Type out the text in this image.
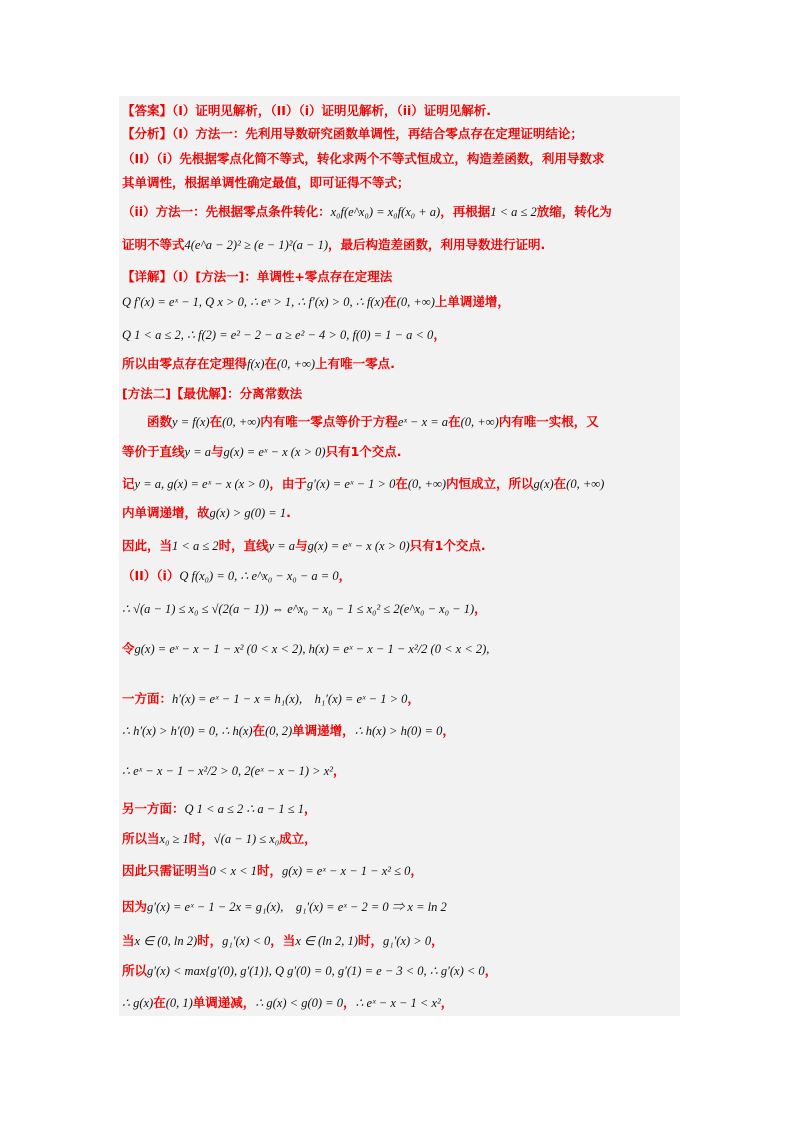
【答案】（I）证明见解析，（II）（i）证明见解析，（ii）证明见解析.
【分析】（I）方法一：先利用导数研究函数单调性，再结合零点存在定理证明结论；
（II）（i）先根据零点化简不等式，转化求两个不等式恒成立，构造差函数，利用导数求
其单调性，根据单调性确定最值，即可证得不等式；
（ii）方法一：先根据零点条件转化：x₀f(e^x₀) = x₀f(x₀ + a)，再根据1 < a ≤ 2放缩，转化为
证明不等式4(e^a − 2)² ≥ (e − 1)²(a − 1)，最后构造差函数，利用导数进行证明.
【详解】（I）[方法一]：单调性+零点存在定理法
Q f′(x) = eˣ − 1, Q x > 0, ∴ eˣ > 1, ∴ f′(x) > 0, ∴ f(x)在(0, +∞)上单调递增，
Q 1 < a ≤ 2, ∴ f(2) = e² − 2 − a ≥ e² − 4 > 0, f(0) = 1 − a < 0，
所以由零点存在定理得f(x)在(0, +∞)上有唯一零点.
[方法二]【最优解】：分离常数法
　　函数y = f(x)在(0, +∞)内有唯一零点等价于方程eˣ − x = a在(0, +∞)内有唯一实根，又
等价于直线y = a与g(x) = eˣ − x (x > 0)只有1个交点.
记y = a, g(x) = eˣ − x (x > 0)，由于g′(x) = eˣ − 1 > 0在(0, +∞)内恒成立，所以g(x)在(0, +∞)
内单调递增，故g(x) > g(0) = 1.
因此，当1 < a ≤ 2时，直线y = a与g(x) = eˣ − x (x > 0)只有1个交点.
（II）（i）Q f(x₀) = 0, ∴ e^x₀ − x₀ − a = 0，
∴ √(a − 1) ≤ x₀ ≤ √(2(a − 1)) ⇔ e^x₀ − x₀ − 1 ≤ x₀² ≤ 2(e^x₀ − x₀ − 1)，
令g(x) = eˣ − x − 1 − x² (0 < x < 2), h(x) = eˣ − x − 1 − x²/2 (0 < x < 2),
一方面：h′(x) = eˣ − 1 − x = h₁(x),　h₁′(x) = eˣ − 1 > 0，
∴ h′(x) > h′(0) = 0, ∴ h(x)在(0, 2)单调递增，∴ h(x) > h(0) = 0，
∴ eˣ − x − 1 − x²/2 > 0, 2(eˣ − x − 1) > x²，
另一方面：Q 1 < a ≤ 2 ∴ a − 1 ≤ 1，
所以当x₀ ≥ 1时，√(a − 1) ≤ x₀成立，
因此只需证明当0 < x < 1时，g(x) = eˣ − x − 1 − x² ≤ 0，
因为g′(x) = eˣ − 1 − 2x = g₁(x),　g₁′(x) = eˣ − 2 = 0 ⇒ x = ln 2
当x ∈ (0, ln 2)时，g₁′(x) < 0，当x ∈ (ln 2, 1)时，g₁′(x) > 0，
所以g′(x) < max{g′(0), g′(1)}, Q g′(0) = 0, g′(1) = e − 3 < 0, ∴ g′(x) < 0，
∴ g(x)在(0, 1)单调递减，∴ g(x) < g(0) = 0，∴ eˣ − x − 1 < x²，
